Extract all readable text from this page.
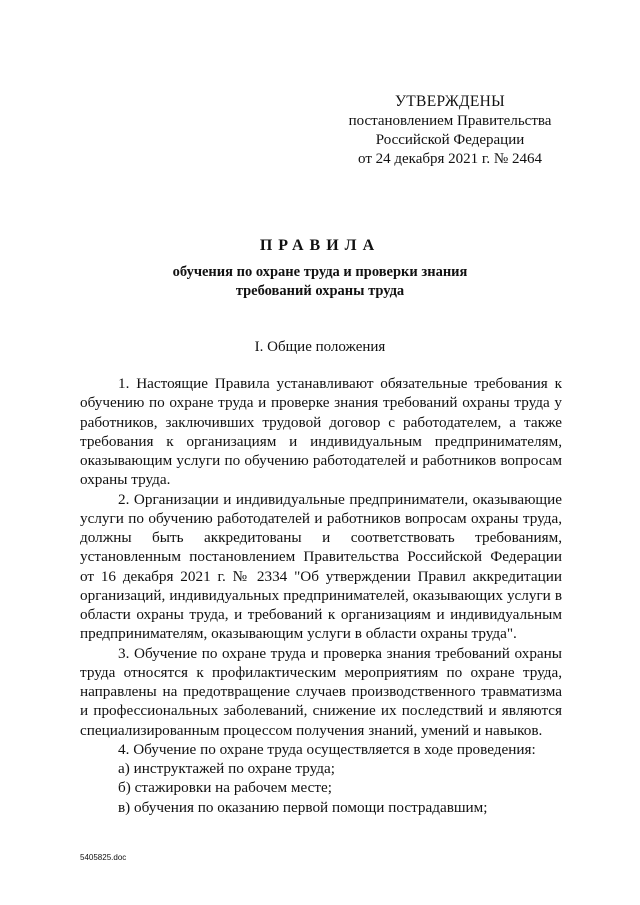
УТВЕРЖДЕНЫ
постановлением Правительства
Российской Федерации
от 24 декабря 2021 г. № 2464
ПРАВИЛА
обучения по охране труда и проверки знания
требований охраны труда
I. Общие положения

1. Настоящие Правила устанавливают обязательные требования к обучению по охране труда и проверке знания требований охраны труда у работников, заключивших трудовой договор с работодателем, а также требования к организациям и индивидуальным предпринимателям, оказывающим услуги по обучению работодателей и работников вопросам охраны труда.

2. Организации и индивидуальные предприниматели, оказывающие услуги по обучению работодателей и работников вопросам охраны труда, должны быть аккредитованы и соответствовать требованиям, установленным постановлением Правительства Российской Федерации от 16 декабря 2021 г. № 2334 "Об утверждении Правил аккредитации организаций, индивидуальных предпринимателей, оказывающих услуги в области охраны труда, и требований к организациям и индивидуальным предпринимателям, оказывающим услуги в области охраны труда".

3. Обучение по охране труда и проверка знания требований охраны труда относятся к профилактическим мероприятиям по охране труда, направлены на предотвращение случаев производственного травматизма и профессиональных заболеваний, снижение их последствий и являются специализированным процессом получения знаний, умений и навыков.

4. Обучение по охране труда осуществляется в ходе проведения:

а) инструктажей по охране труда;

б) стажировки на рабочем месте;

в) обучения по оказанию первой помощи пострадавшим;

5405825.doc
